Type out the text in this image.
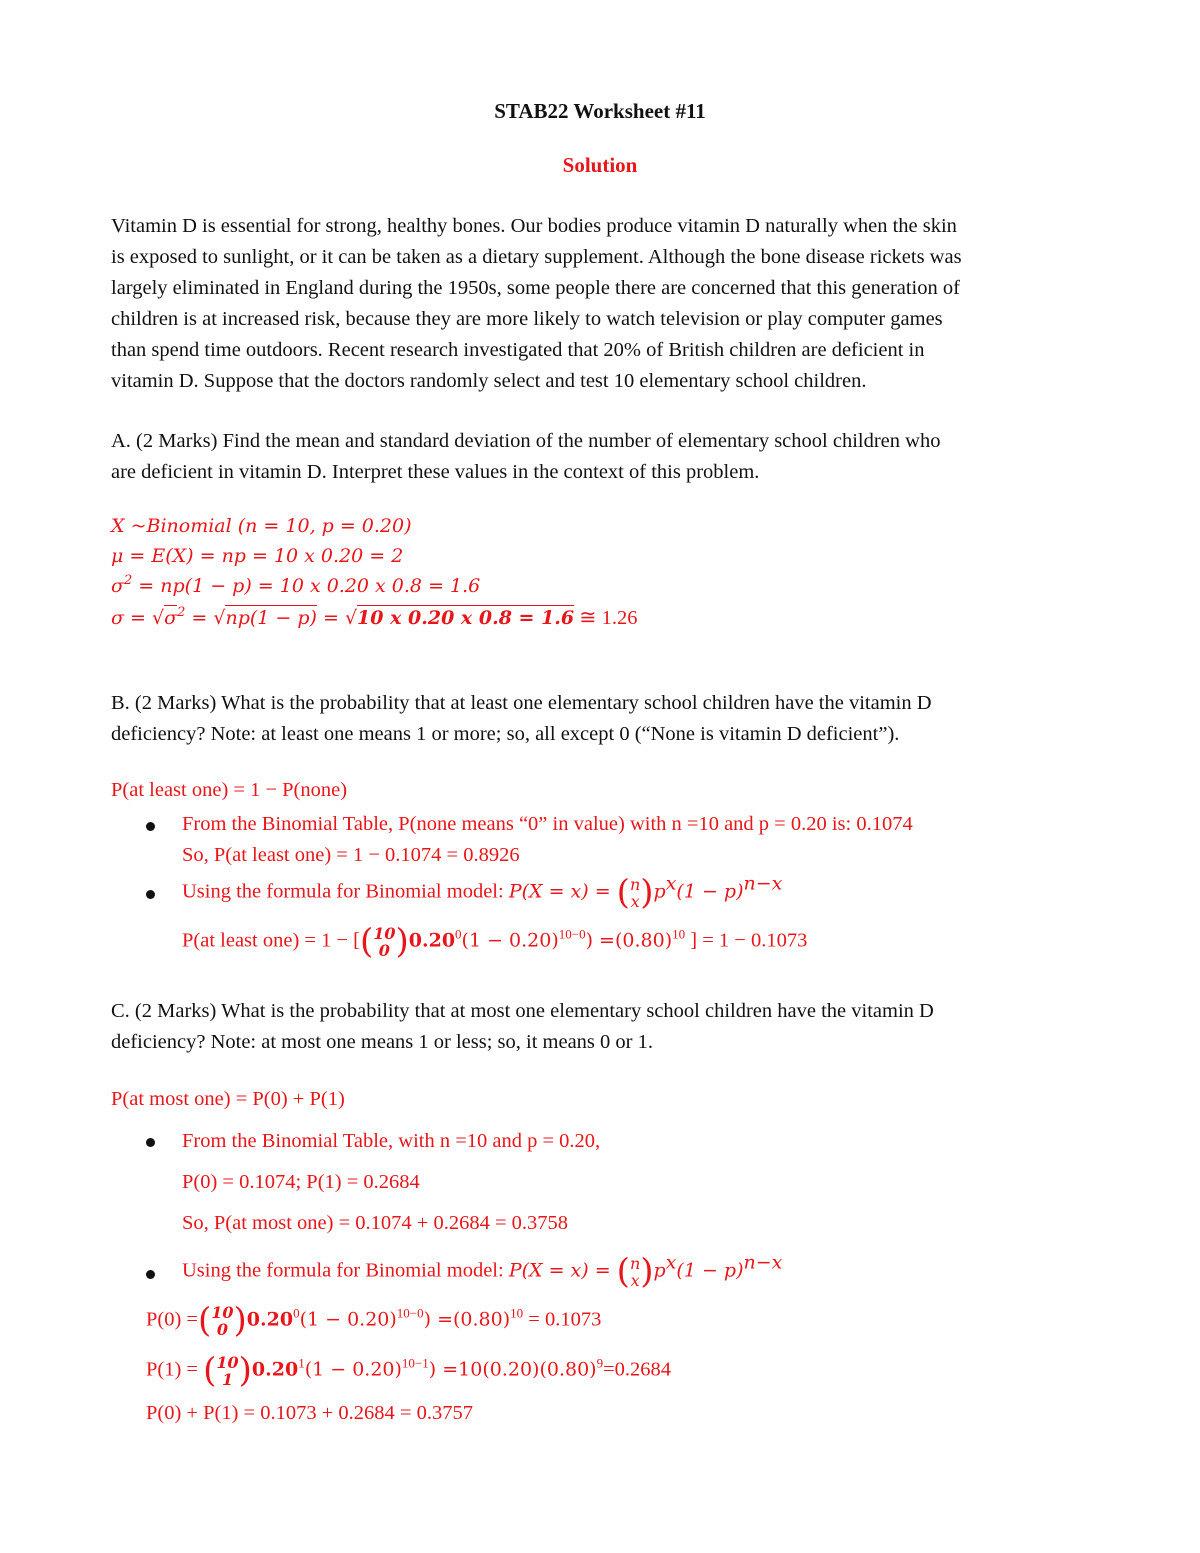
STAB22 Worksheet #11
Solution
Vitamin D is essential for strong, healthy bones. Our bodies produce vitamin D naturally when the skin
is exposed to sunlight, or it can be taken as a dietary supplement. Although the bone disease rickets was
largely eliminated in England during the 1950s, some people there are concerned that this generation of
children is at increased risk, because they are more likely to watch television or play computer games
than spend time outdoors. Recent research investigated that 20% of British children are deficient in
vitamin D. Suppose that the doctors randomly select and test 10 elementary school children.
A. (2 Marks) Find the mean and standard deviation of the number of elementary school children who
are deficient in vitamin D. Interpret these values in the context of this problem.
X ~Binomial (n = 10, p = 0.20)
μ = E(X) = np = 10 x 0.20 = 2
$\sigma^2 = np(1 - p) = 10$ x 0.20 x 0.8 = 1.6
$\sigma = √\sigma^2 = √np(1 - p) = √10$ x 0.20 x 0.8 = 1.6 ≅ 1.26
B. (2 Marks) What is the probability that at least one elementary school children have the vitamin D
deficiency? Note: at least one means 1 or more; so, all except 0 (“None is vitamin D deficient”).
P(at least one) = 1 − P(none)
From the Binomial Table, P(none means “0” in value) with n =10 and p = 0.20 is: 0.1074
So, P(at least one) = 1 − 0.1074 = 0.8926
Using the formula for Binomial model: P(X = x) = ( n
x )$p^x(1 - p)^{n-x}$
P(at least one) = 1 − [( 10
0 )$0.20^0(1 - 0.20)^{10-0}) =(0.80)^{10}$ ] = 1 − 0.1073
C. (2 Marks) What is the probability that at most one elementary school children have the vitamin D
deficiency? Note: at most one means 1 or less; so, it means 0 or 1.
P(at most one) = P(0) + P(1)
From the Binomial Table, with n =10 and p = 0.20,
P(0) = 0.1074; P(1) = 0.2684
So, P(at most one) = 0.1074 + 0.2684 = 0.3758
Using the formula for Binomial model: P(X = x) = ( n
x )$p^x(1 - p)^{n-x}$
P(0) =( 10
0 )$0.20^0(1 - 0.20)^{10-0}) =(0.80)^{10} = 0.1073$
P(1) = ( 10
1 )$0.20^1(1 - 0.20)^{10-1}) =10(0.20)(0.80)^9=0.2684$
P(0) + P(1) = 0.1073 + 0.2684 = 0.3757
